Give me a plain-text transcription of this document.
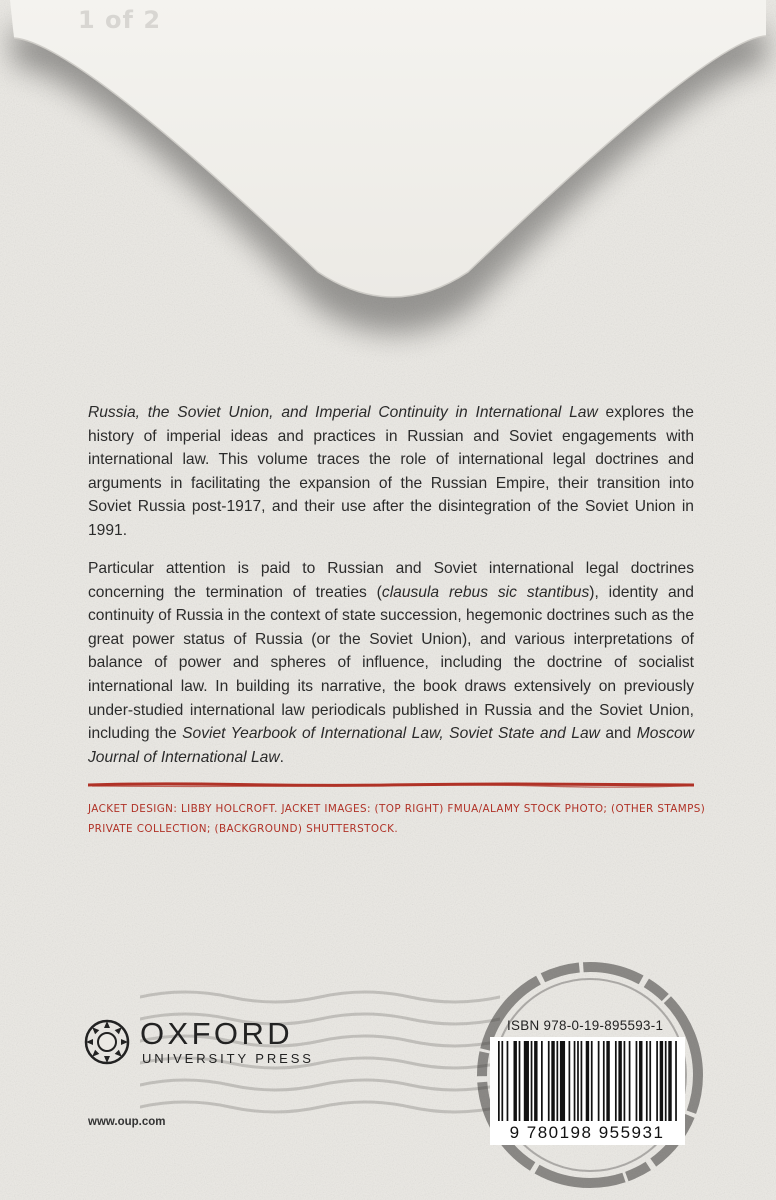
1 of 2

Russia, the Soviet Union, and Imperial Continuity in International Law explores the history of imperial ideas and practices in Russian and Soviet engagements with international law. This volume traces the role of international legal doctrines and arguments in facilitating the expansion of the Russian Empire, their transition into Soviet Russia post-1917, and their use after the disintegration of the Soviet Union in 1991.

Particular attention is paid to Russian and Soviet international legal doctrines concerning the termination of treaties (clausula rebus sic stantibus), identity and continuity of Russia in the context of state succession, hegemonic doctrines such as the great power status of Russia (or the Soviet Union), and various interpretations of balance of power and spheres of influence, including the doctrine of socialist international law. In building its narrative, the book draws extensively on previously under-studied international law periodicals published in Russia and the Soviet Union, including the Soviet Yearbook of International Law, Soviet State and Law and Moscow Journal of International Law.

JACKET DESIGN: LIBBY HOLCROFT. JACKET IMAGES: (TOP RIGHT) FMUA/ALAMY STOCK PHOTO; (OTHER STAMPS) PRIVATE COLLECTION; (BACKGROUND) SHUTTERSTOCK.
OXFORD
UNIVERSITY PRESS
www.oup.com
ISBN 978-0-19-895593-1
9 780198 955931
